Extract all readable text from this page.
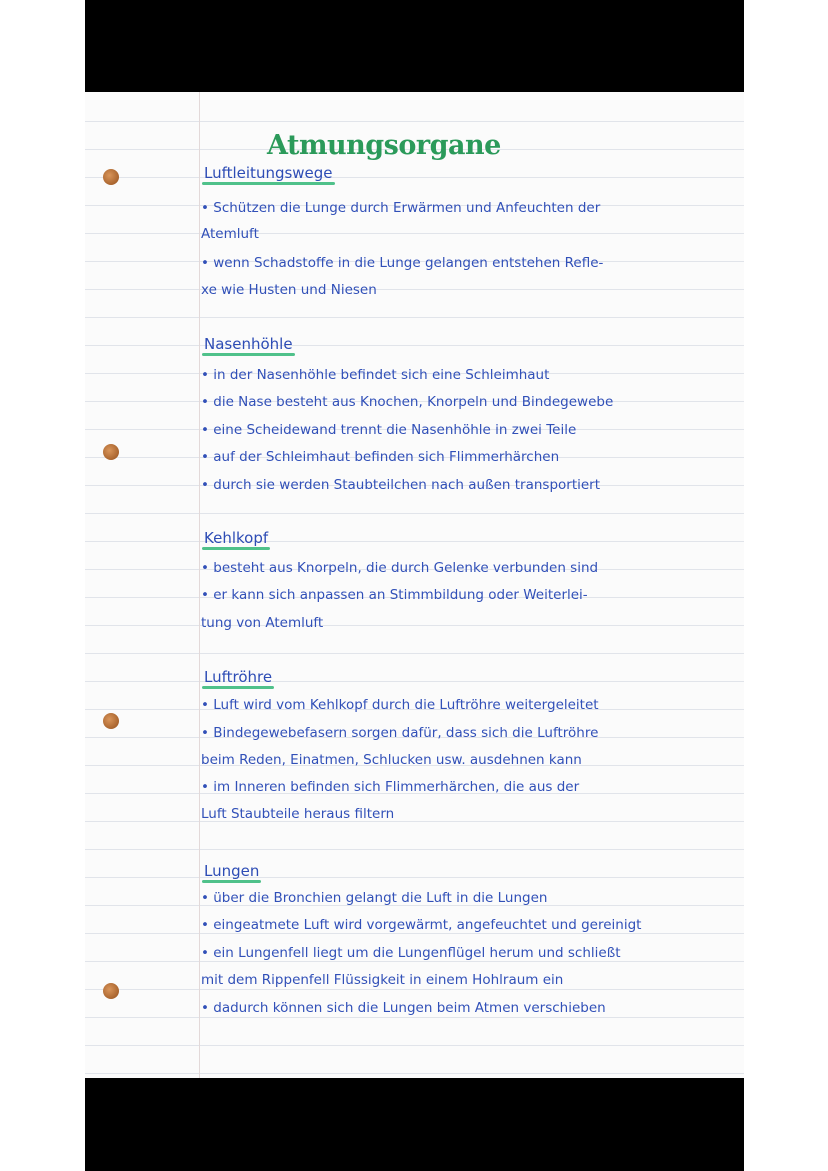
Atmungsorgane
Luftleitungswege
• Schützen die Lunge durch Erwärmen und Anfeuchten der
Atemluft
• wenn Schadstoffe in die Lunge gelangen entstehen Refle-
xe wie Husten und Niesen
Nasenhöhle
• in der Nasenhöhle befindet sich eine Schleimhaut
• die Nase besteht aus Knochen, Knorpeln und Bindegewebe
• eine Scheidewand trennt die Nasenhöhle in zwei Teile
• auf der Schleimhaut befinden sich Flimmerhärchen
• durch sie werden Staubteilchen nach außen transportiert
Kehlkopf
• besteht aus Knorpeln, die durch Gelenke verbunden sind
• er kann sich anpassen an Stimmbildung oder Weiterlei-
tung von Atemluft
Luftröhre
• Luft wird vom Kehlkopf durch die Luftröhre weitergeleitet
• Bindegewebefasern sorgen dafür, dass sich die Luftröhre
beim Reden, Einatmen, Schlucken usw. ausdehnen kann
• im Inneren befinden sich Flimmerhärchen, die aus der
Luft Staubteile heraus filtern
Lungen
• über die Bronchien gelangt die Luft in die Lungen
• eingeatmete Luft wird vorgewärmt, angefeuchtet und gereinigt
• ein Lungenfell liegt um die Lungenflügel herum und schließt
mit dem Rippenfell Flüssigkeit in einem Hohlraum ein
• dadurch können sich die Lungen beim Atmen verschieben
